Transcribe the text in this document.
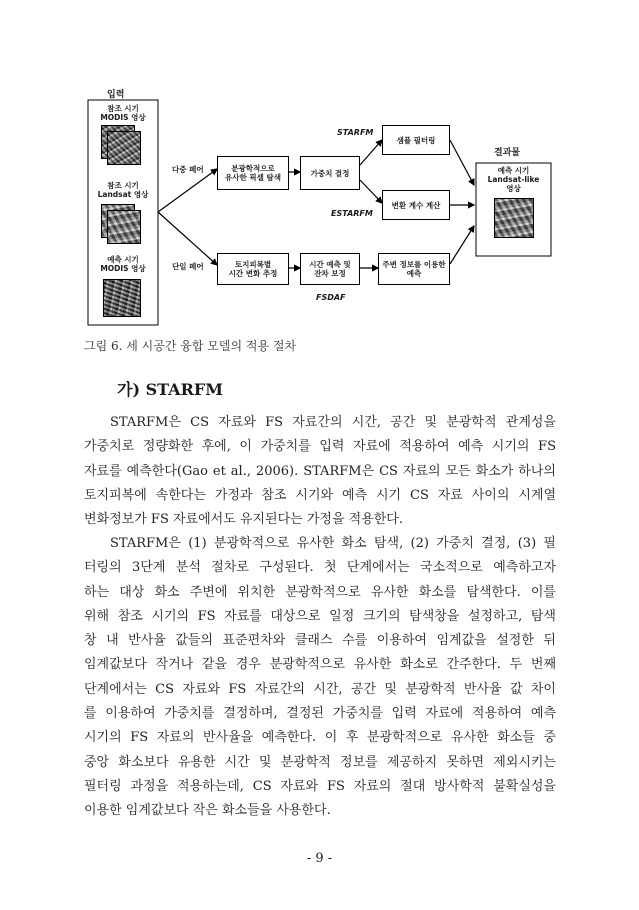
입력
참조 시기
MODIS 영상
참조 시기
Landsat 영상
예측 시기
MODIS 영상
다중 페어
단일 페어
분광학적으로
유사한 픽셀 탐색	가중치 결정
샘플 필터링
변환 계수 계산
토지피복별
시간 변화 추정
시간 예측 및
잔차 보정
주변 정보를 이용한
예측
STARFM
ESTARFM
FSDAF
결과물
예측 시기
Landsat-like
영상
그림 6. 세 시공간 융합 모델의 적용 절차
가) STARFM
STARFM은 CS 자료와 FS 자료간의 시간, 공간 및 분광학적 관계성을
가중치로 정량화한 후에, 이 가중치를 입력 자료에 적용하여 예측 시기의 FS
자료를 예측한다(Gao et al., 2006). STARFM은 CS 자료의 모든 화소가 하나의
토지피복에 속한다는 가정과 참조 시기와 예측 시기 CS 자료 사이의 시계열
변화정보가 FS 자료에서도 유지된다는 가정을 적용한다.
STARFM은 (1) 분광학적으로 유사한 화소 탐색, (2) 가중치 결정, (3) 필
터링의 3단계 분석 절차로 구성된다. 첫 단계에서는 국소적으로 예측하고자
하는 대상 화소 주변에 위치한 분광학적으로 유사한 화소를 탐색한다. 이를
위해 참조 시기의 FS 자료를 대상으로 일정 크기의 탐색창을 설정하고, 탐색
창 내 반사율 값들의 표준편차와 클래스 수를 이용하여 임계값을 설정한 뒤
임계값보다 작거나 같을 경우 분광학적으로 유사한 화소로 간주한다. 두 번째
단계에서는 CS 자료와 FS 자료간의 시간, 공간 및 분광학적 반사율 값 차이
를 이용하여 가중치를 결정하며, 결정된 가중치를 입력 자료에 적용하여 예측
시기의 FS 자료의 반사율을 예측한다. 이 후 분광학적으로 유사한 화소들 중
중앙 화소보다 유용한 시간 및 분광학적 정보를 제공하지 못하면 제외시키는
필터링 과정을 적용하는데, CS 자료와 FS 자료의 절대 방사학적 불확실성을
이용한 임계값보다 작은 화소들을 사용한다.
- 9 -
